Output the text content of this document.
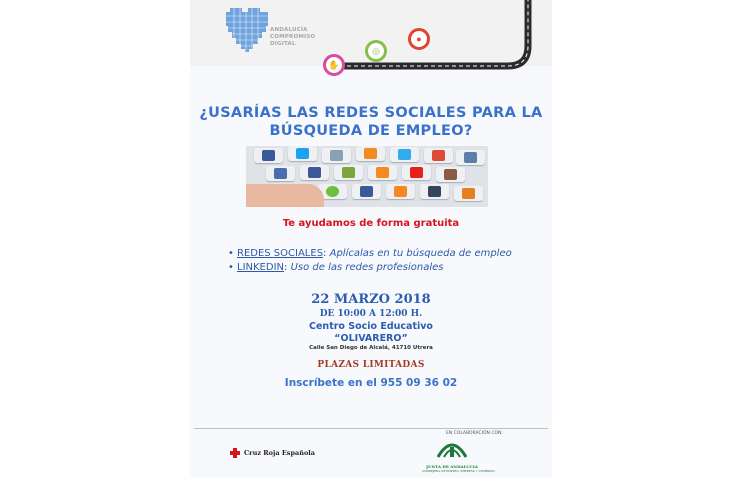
ANDALUCÍA
COMPROMISO
DIGITAL
✋
◎
●
¿USARÍAS LAS REDES SOCIALES PARA LA
BÚSQUEDA DE EMPLEO?
Te ayudamos de forma gratuita
• REDES SOCIALES: Aplícalas en tu búsqueda de empleo
• LINKEDIN: Uso de las redes profesionales
22 MARZO 2018
DE 10:00 A 12:00 H.
Centro Socio Educativo
“OLIVARERO”
Calle San Diego de Alcalá, 41710 Utrera
PLAZAS LIMITADAS
Inscríbete en el 955 09 36 02
Cruz Roja Española
EN COLABORACIÓN CON:
JUNTA DE ANDALUCIA
CONSEJERÍA DE EMPLEO, EMPRESA Y COMERCIO
